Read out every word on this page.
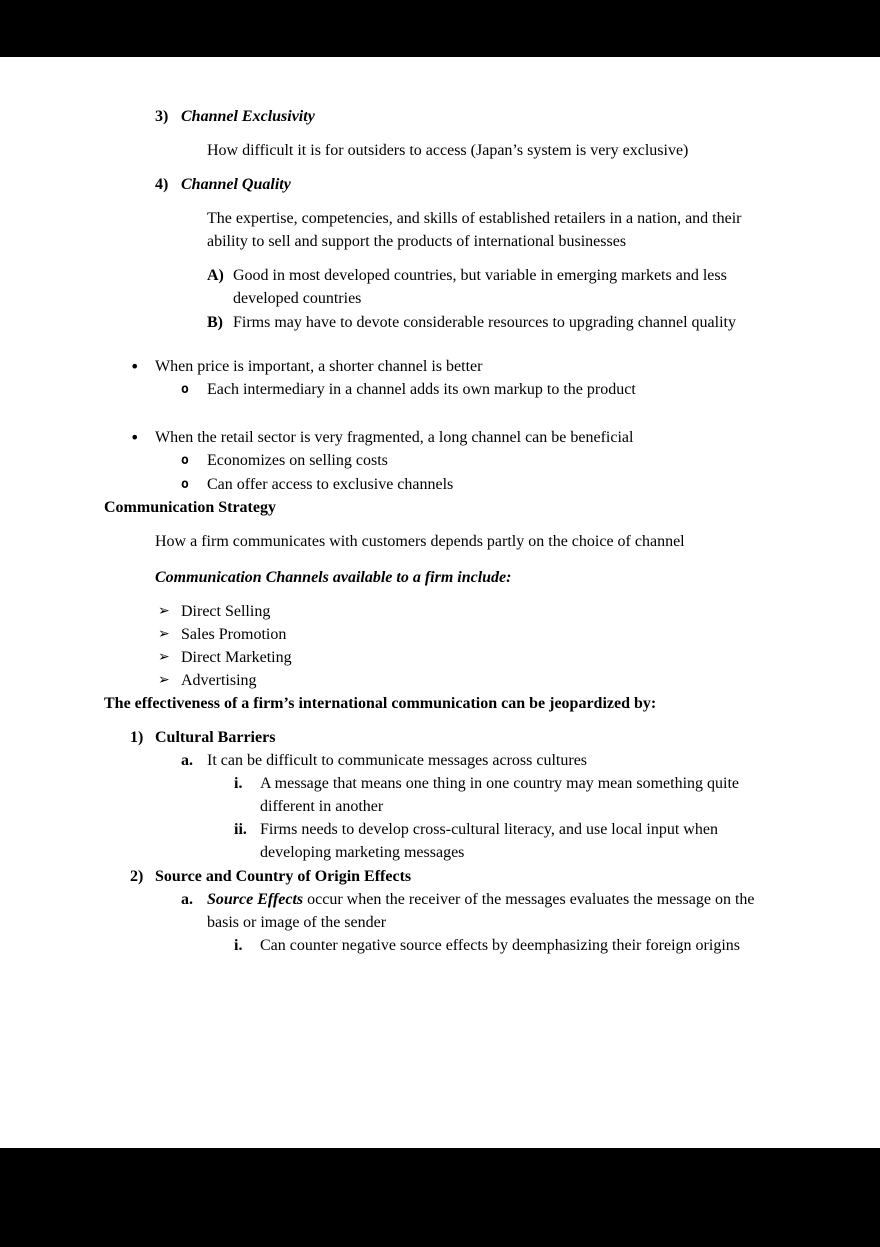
3) Channel Exclusivity

How difficult it is for outsiders to access (Japan’s system is very exclusive)

4) Channel Quality

The expertise, competencies, and skills of established retailers in a nation, and their ability to sell and support the products of international businesses

A) Good in most developed countries, but variable in emerging markets and less developed countries
B) Firms may have to devote considerable resources to upgrading channel quality
• When price is important, a shorter channel is better
o	Each intermediary in a channel adds its own markup to the product
• When the retail sector is very fragmented, a long channel can be beneficial
o	Economizes on selling costs
o	Can offer access to exclusive channels
Communication Strategy

How a firm communicates with customers depends partly on the choice of channel

Communication Channels available to a firm include:

➢ Direct Selling
➢ Sales Promotion
➢ Direct Marketing
➢ Advertising
The effectiveness of a firm’s international communication can be jeopardized by:
1) Cultural Barriers
a. It can be difficult to communicate messages across cultures
i.	A message that means one thing in one country may mean something quite different in another
ii. Firms needs to develop cross-cultural literacy, and use local input when developing marketing messages
2) Source and Country of Origin Effects
a. Source Effects occur when the receiver of the messages evaluates the message on the basis or image of the sender
i.	Can counter negative source effects by deemphasizing their foreign origins
